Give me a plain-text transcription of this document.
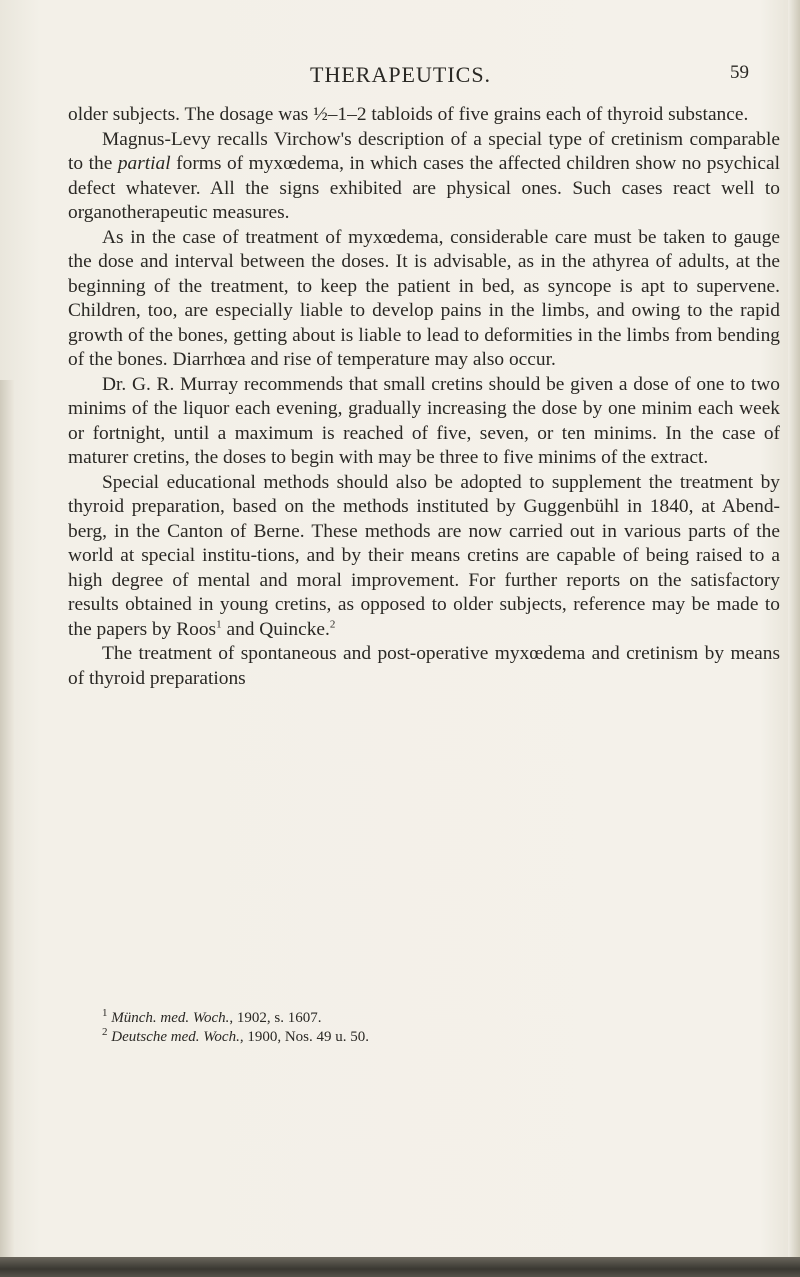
THERAPEUTICS.	59

older subjects. The dosage was ½–1–2 tabloids of five grains each of thyroid substance.

Magnus-Levy recalls Virchow's description of a special type of cretinism comparable to the partial forms of myxœdema, in which cases the affected children show no psychical defect whatever. All the signs exhibited are physical ones. Such cases react well to organotherapeutic measures.

As in the case of treatment of myxœdema, considerable care must be taken to gauge the dose and interval between the doses. It is advisable, as in the athyrea of adults, at the beginning of the treatment, to keep the patient in bed, as syncope is apt to supervene. Children, too, are especially liable to develop pains in the limbs, and owing to the rapid growth of the bones, getting about is liable to lead to deformities in the limbs from bending of the bones. Diarrhœa and rise of temperature may also occur.

Dr. G. R. Murray recommends that small cretins should be given a dose of one to two minims of the liquor each evening, gradually increasing the dose by one minim each week or fortnight, until a maximum is reached of five, seven, or ten minims. In the case of maturer cretins, the doses to begin with may be three to five minims of the extract.

Special educational methods should also be adopted to supplement the treatment by thyroid preparation, based on the methods instituted by Guggenbühl in 1840, at Abend-berg, in the Canton of Berne. These methods are now carried out in various parts of the world at special institu-tions, and by their means cretins are capable of being raised to a high degree of mental and moral improvement. For further reports on the satisfactory results obtained in young cretins, as opposed to older subjects, reference may be made to the papers by Roos$^1$ and Quincke.$^2$

The treatment of spontaneous and post-operative myxœdema and cretinism by means of thyroid preparations

$^1$ Münch. med. Woch., 1902, s. 1607.
$^2$ Deutsche med. Woch., 1900, Nos. 49 u. 50.
